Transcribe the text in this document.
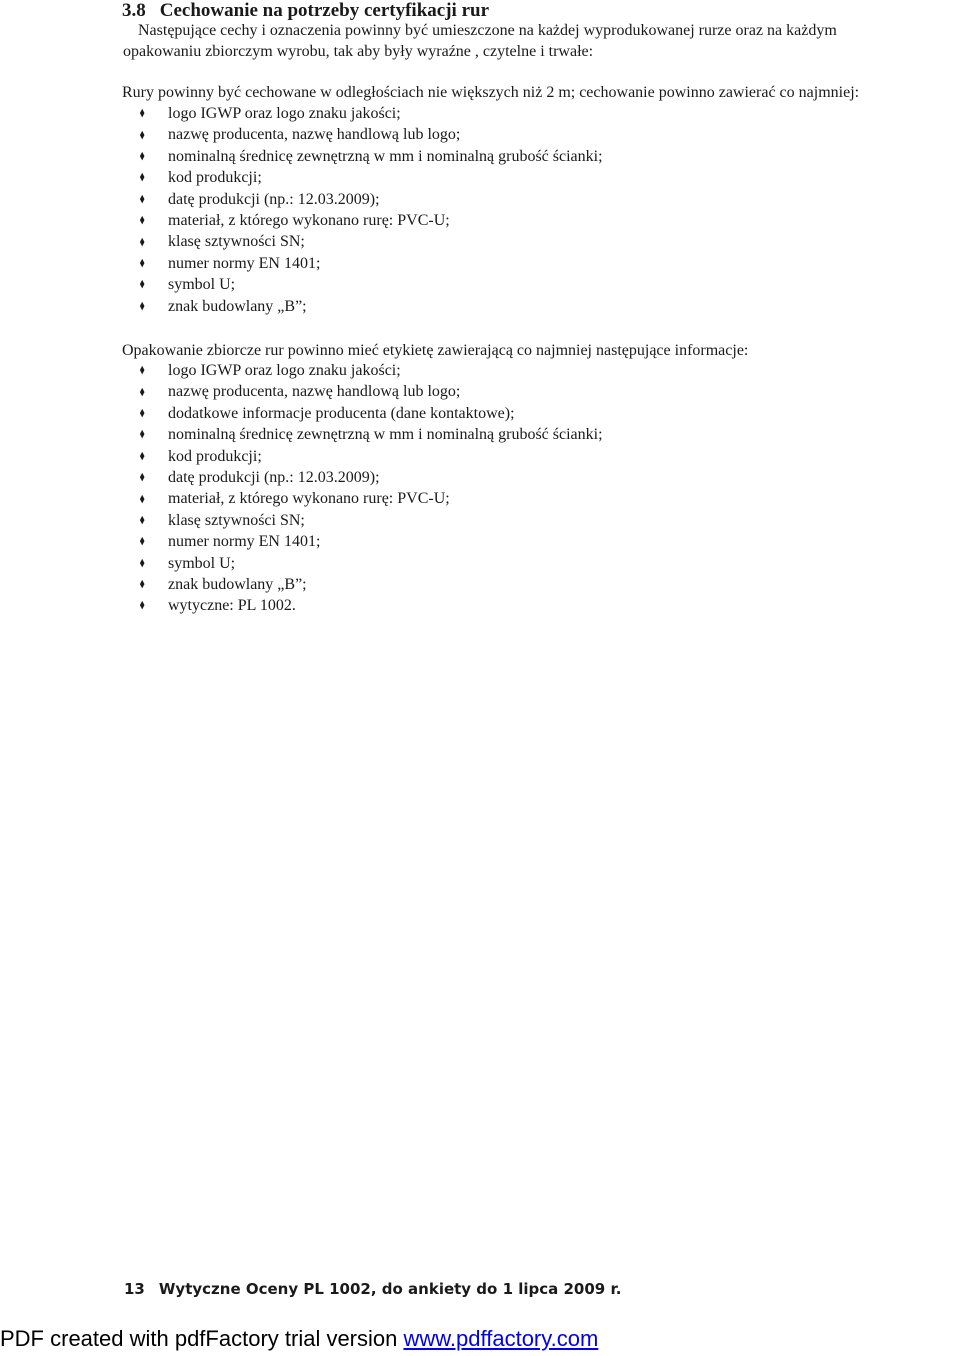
3.8 Cechowanie na potrzeby certyfikacji rur
Następujące cechy i oznaczenia powinny być umieszczone na każdej wyprodukowanej rurze oraz na każdym
opakowaniu zbiorczym wyrobu, tak aby były wyraźne , czytelne i trwałe:
Rury powinny być cechowane w odległościach nie większych niż 2 m; cechowanie powinno zawierać co najmniej:
◆
logo IGWP oraz logo znaku jakości;
◆
nazwę producenta, nazwę handlową lub logo;
◆
nominalną średnicę zewnętrzną w mm i nominalną grubość ścianki;
◆
kod produkcji;
◆
datę produkcji (np.: 12.03.2009);
◆
materiał, z którego wykonano rurę: PVC-U;
◆
klasę sztywności SN;
◆
numer normy EN 1401;
◆
symbol U;
◆
znak budowlany „B”;
Opakowanie zbiorcze rur powinno mieć etykietę zawierającą co najmniej następujące informacje:
◆
logo IGWP oraz logo znaku jakości;
◆
nazwę producenta, nazwę handlową lub logo;
◆
dodatkowe informacje producenta (dane kontaktowe);
◆
nominalną średnicę zewnętrzną w mm i nominalną grubość ścianki;
◆
kod produkcji;
◆
datę produkcji (np.: 12.03.2009);
◆
materiał, z którego wykonano rurę: PVC-U;
◆
klasę sztywności SN;
◆
numer normy EN 1401;
◆
symbol U;
◆
znak budowlany „B”;
◆
wytyczne: PL 1002.
13 Wytyczne Oceny PL 1002, do ankiety do 1 lipca 2009 r.
PDF created with pdfFactory trial version www.pdffactory.com
